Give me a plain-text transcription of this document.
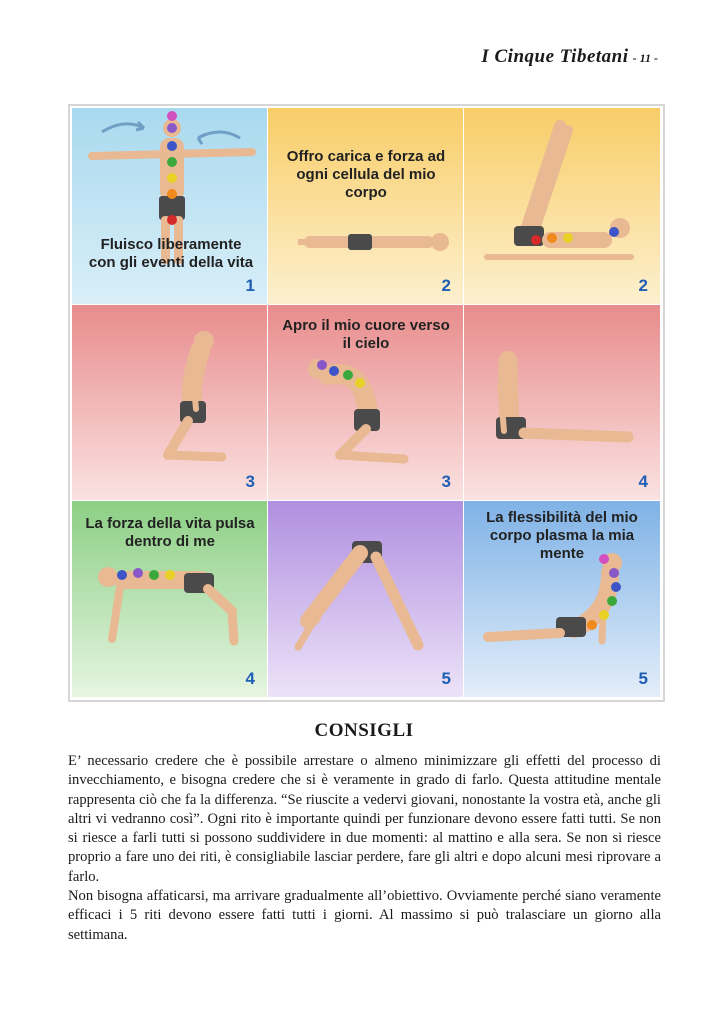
I Cinque Tibetani - 11 -
Fluisco liberamente con gli eventi della vita
1
Offro carica e forza ad ogni cellula del mio corpo
2	2
3
Apro il mio cuore verso il cielo
3	4
La forza della vita pulsa dentro di me
4	5
La flessibilità del mio corpo plasma la mia mente
5
CONSIGLI

E’ necessario credere che è possibile arrestare o almeno minimizzare gli effetti del processo di invecchiamento, e bisogna credere che si è veramente in grado di farlo. Questa attitudine mentale rappresenta ciò che fa la differenza. “Se riuscite a vedervi giovani, nonostante la vostra età, anche gli altri vi vedranno così”. Ogni rito è importante quindi per funzionare devono essere fatti tutti. Se non si riesce a farli tutti si possono suddividere in due momenti: al mattino e alla sera. Se non si riesce proprio a fare uno dei riti, è consigliabile lasciar perdere, fare gli altri e dopo alcuni mesi riprovare a farlo.

Non bisogna affaticarsi, ma arrivare gradualmente all’obiettivo. Ovviamente perché siano veramente efficaci i 5 riti devono essere fatti tutti i giorni. Al massimo si può tralasciare un giorno alla settimana.
